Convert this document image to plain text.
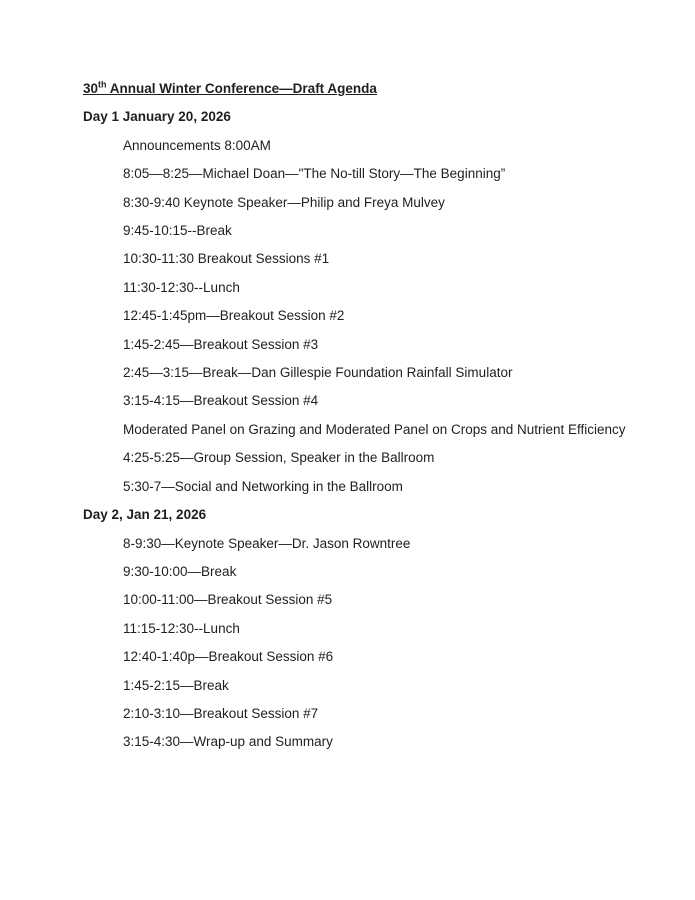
30th Annual Winter Conference—Draft Agenda

Day 1 January 20, 2026

Announcements 8:00AM

8:05—8:25—Michael Doan—"The No-till Story—The Beginning”

8:30-9:40 Keynote Speaker—Philip and Freya Mulvey

9:45-10:15--Break

10:30-11:30 Breakout Sessions #1

11:30-12:30--Lunch

12:45-1:45pm—Breakout Session #2

1:45-2:45—Breakout Session #3

2:45—3:15—Break—Dan Gillespie Foundation Rainfall Simulator

3:15-4:15—Breakout Session #4

Moderated Panel on Grazing and Moderated Panel on Crops and Nutrient Efficiency

4:25-5:25—Group Session, Speaker in the Ballroom

5:30-7—Social and Networking in the Ballroom

Day 2, Jan 21, 2026

8-9:30—Keynote Speaker—Dr. Jason Rowntree

9:30-10:00—Break

10:00-11:00—Breakout Session #5

11:15-12:30--Lunch

12:40-1:40p—Breakout Session #6

1:45-2:15—Break

2:10-3:10—Breakout Session #7

3:15-4:30—Wrap-up and Summary
